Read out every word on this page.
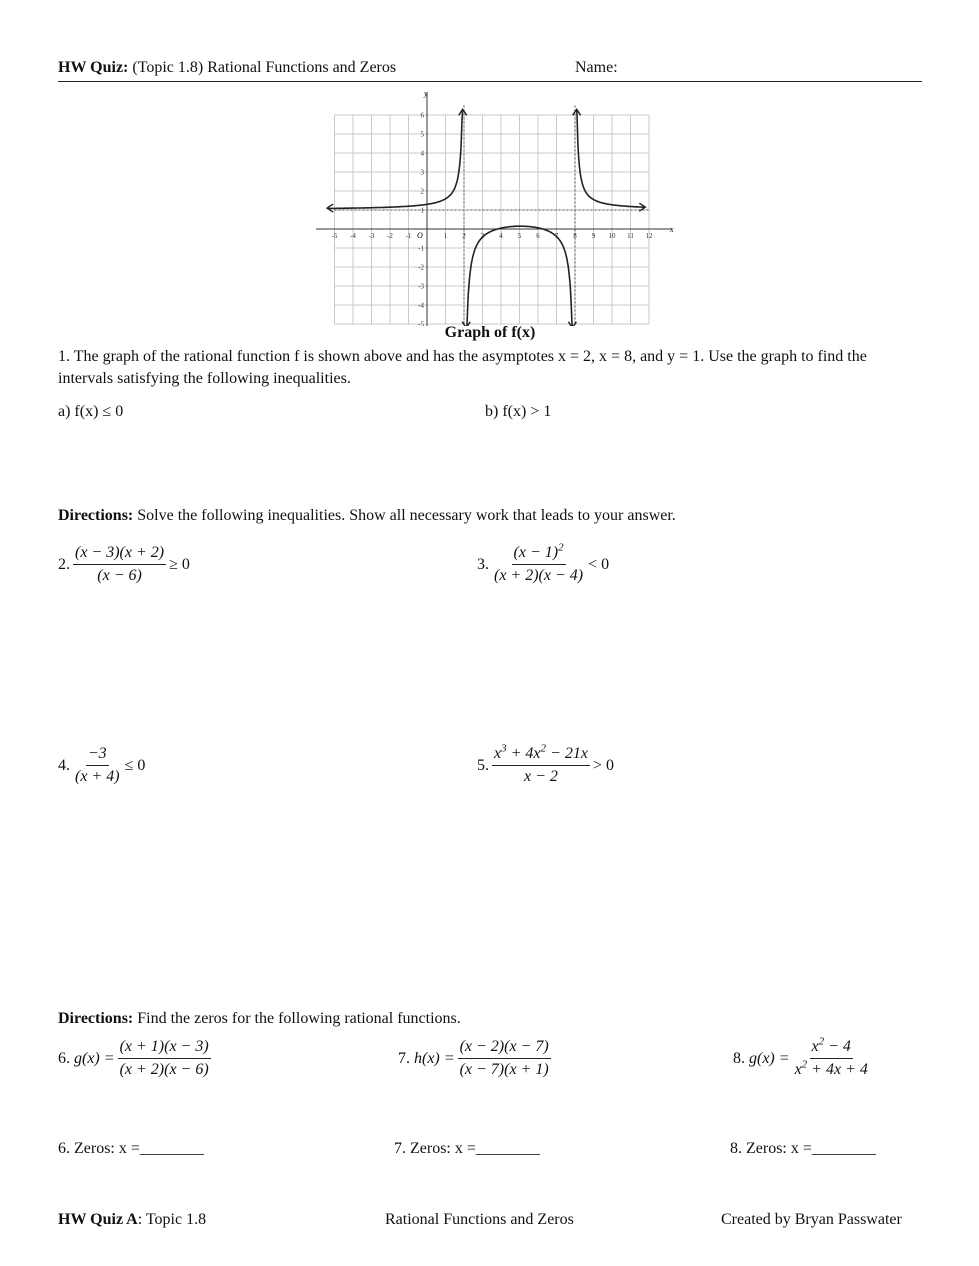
HW Quiz: (Topic 1.8) Rational Functions and Zeros	Name:
-5 -4 -3 -2 -1	1 2 3 4 5 6 7 8 9 10 11 12
6
5
4
3
2
1
-1
-2
-3
-4
-5
x
y
O
Graph of f(x)
1. The graph of the rational function f is shown above and has the asymptotes x = 2, x = 8, and y = 1. Use the graph to find the intervals satisfying the following inequalities.
a) f(x) ≤ 0	b) f(x) > 1
Directions: Solve the following inequalities. Show all necessary work that leads to your answer.
2. $\frac{(x - 3)(x + 2)}{(x - 6)} \ge 0$	3. $\frac{(x - 1)^2}{(x + 2)(x - 4)} < 0$
4. $\frac{-3}{(x + 4)} \le 0$	5. $\frac{x^3 + 4x^2 - 21x}{x - 2} > 0$
Directions: Find the zeros for the following rational functions.
6.
$g(x) = \frac{(x + 1)(x - 3)}{(x + 2)(x - 6)}$	7.
$h(x) = \frac{(x - 2)(x - 7)}{(x - 7)(x + 1)}$	8.
$g(x) = \frac{x^2 - 4}{x^2 + 4x + 4}$
6. Zeros: x =________	7. Zeros: x =________	8. Zeros: x =________
HW Quiz A: Topic 1.8	Rational Functions and Zeros	Created by Bryan Passwater
